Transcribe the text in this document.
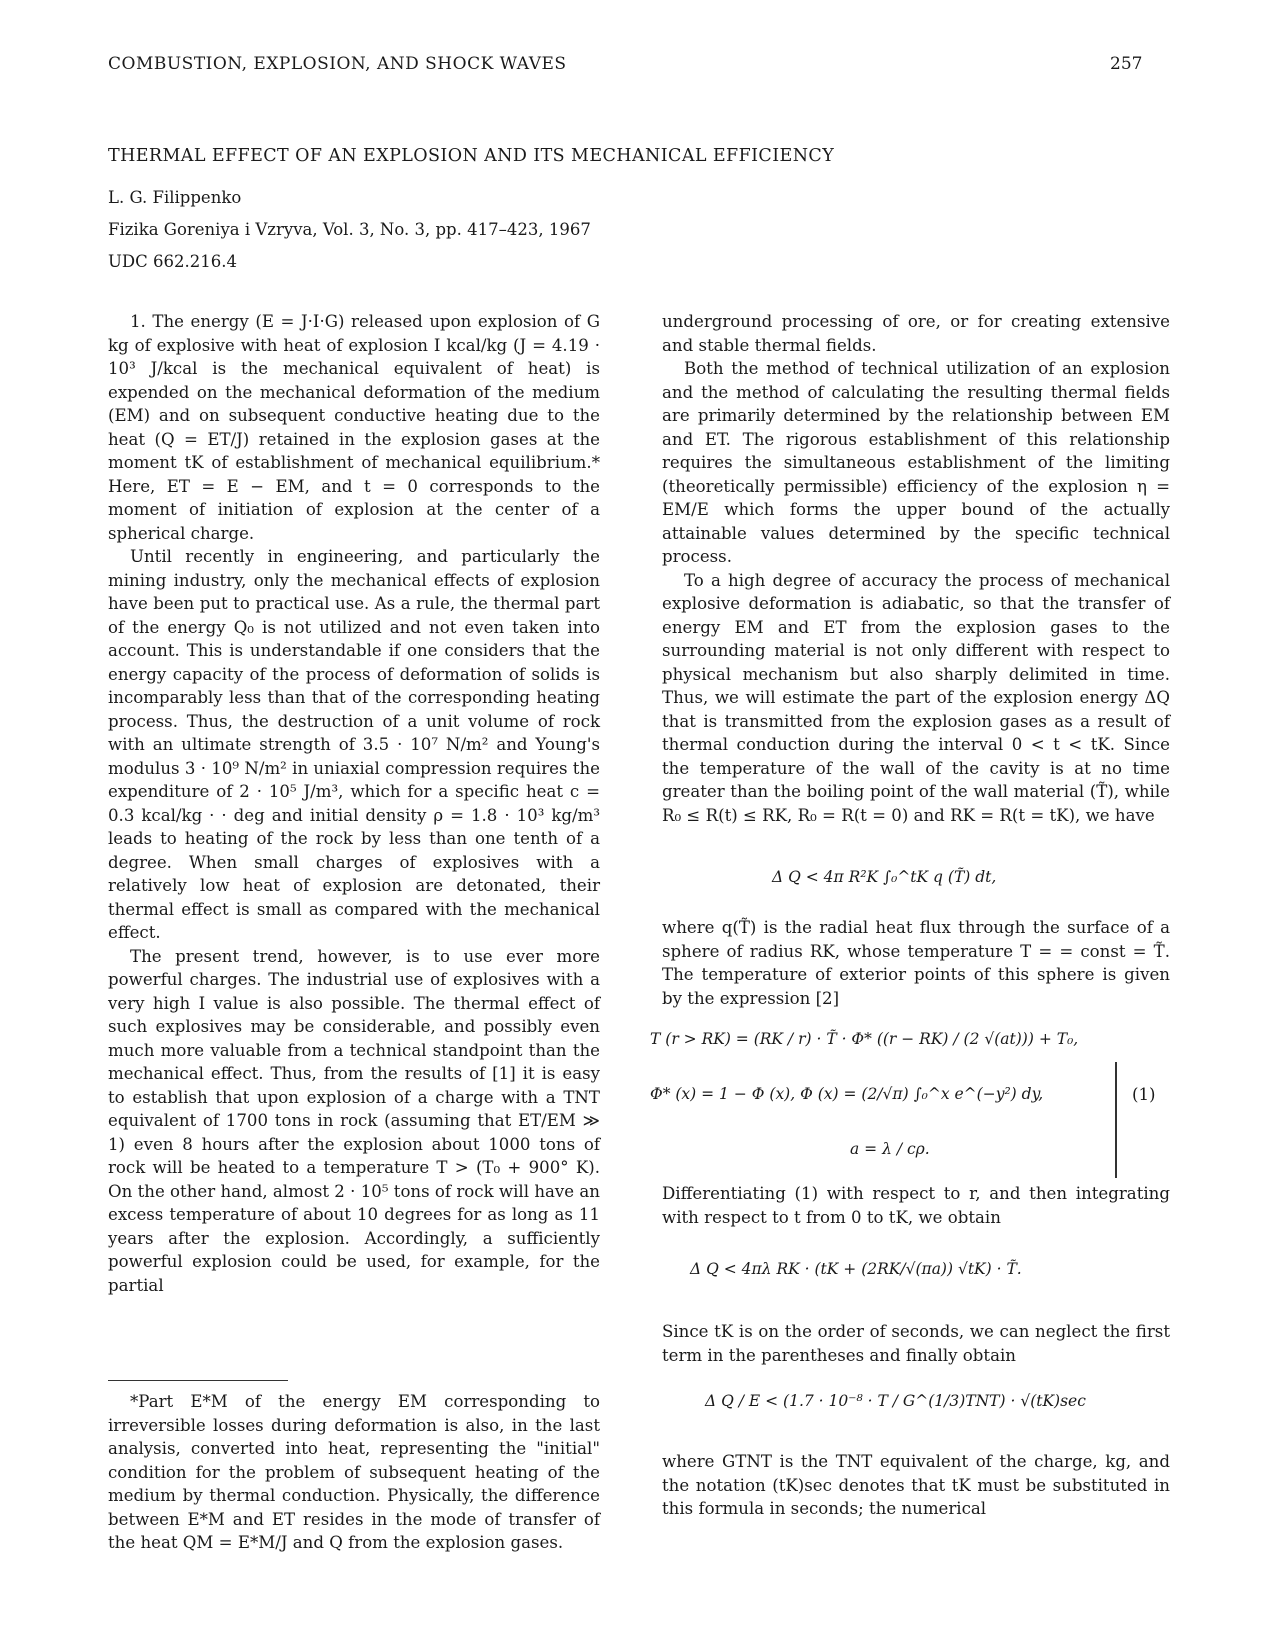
COMBUSTION, EXPLOSION, AND SHOCK WAVES	257
THERMAL EFFECT OF AN EXPLOSION AND ITS MECHANICAL EFFICIENCY
L. G. Filippenko
Fizika Goreniya i Vzryva, Vol. 3, No. 3, pp. 417–423, 1967
UDC 662.216.4

1. The energy (E = J·I·G) released upon explosion of G kg of explosive with heat of explosion I kcal/kg (J = 4.19 · 10³ J/kcal is the mechanical equivalent of heat) is expended on the mechanical deformation of the medium (EM) and on subsequent conductive heating due to the heat (Q = ET/J) retained in the explosion gases at the moment tK of establishment of mechanical equilibrium.* Here, ET = E − EM, and t = 0 corresponds to the moment of initiation of explosion at the center of a spherical charge.

Until recently in engineering, and particularly the mining industry, only the mechanical effects of explosion have been put to practical use. As a rule, the thermal part of the energy Q₀ is not utilized and not even taken into account. This is understandable if one considers that the energy capacity of the process of deformation of solids is incomparably less than that of the corresponding heating process. Thus, the destruction of a unit volume of rock with an ultimate strength of 3.5 · 10⁷ N/m² and Young's modulus 3 · 10⁹ N/m² in uniaxial compression requires the expenditure of 2 · 10⁵ J/m³, which for a specific heat c = 0.3 kcal/kg · · deg and initial density ρ = 1.8 · 10³ kg/m³ leads to heating of the rock by less than one tenth of a degree. When small charges of explosives with a relatively low heat of explosion are detonated, their thermal effect is small as compared with the mechanical effect.

The present trend, however, is to use ever more powerful charges. The industrial use of explosives with a very high I value is also possible. The thermal effect of such explosives may be considerable, and possibly even much more valuable from a technical standpoint than the mechanical effect. Thus, from the results of [1] it is easy to establish that upon explosion of a charge with a TNT equivalent of 1700 tons in rock (assuming that ET/EM ≫ 1) even 8 hours after the explosion about 1000 tons of rock will be heated to a temperature T > (T₀ + 900° K). On the other hand, almost 2 · 10⁵ tons of rock will have an excess temperature of about 10 degrees for as long as 11 years after the explosion. Accordingly, a sufficiently powerful explosion could be used, for example, for the partial

*Part E*M of the energy EM corresponding to irreversible losses during deformation is also, in the last analysis, converted into heat, representing the "initial" condition for the problem of subsequent heating of the medium by thermal conduction. Physically, the difference between E*M and ET resides in the mode of transfer of the heat QM = E*M/J and Q from the explosion gases.

underground processing of ore, or for creating extensive and stable thermal fields.

Both the method of technical utilization of an explosion and the method of calculating the resulting thermal fields are primarily determined by the relationship between EM and ET. The rigorous establishment of this relationship requires the simultaneous establishment of the limiting (theoretically permissible) efficiency of the explosion η = EM/E which forms the upper bound of the actually attainable values determined by the specific technical process.

To a high degree of accuracy the process of mechanical explosive deformation is adiabatic, so that the transfer of energy EM and ET from the explosion gases to the surrounding material is not only different with respect to physical mechanism but also sharply delimited in time. Thus, we will estimate the part of the explosion energy ΔQ that is transmitted from the explosion gases as a result of thermal conduction during the interval 0 < t < tK. Since the temperature of the wall of the cavity is at no time greater than the boiling point of the wall material (T̃), while R₀ ≤ R(t) ≤ RK, R₀ = R(t = 0) and RK = R(t = tK), we have

Δ Q < 4π R²K ∫₀^tK q (T̃) dt,

where q(T̃) is the radial heat flux through the surface of a sphere of radius RK, whose temperature T = = const = T̃. The temperature of exterior points of this sphere is given by the expression [2]

T (r > RK) = (RK / r) · T̃ · Φ* ((r − RK) / (2 √(at))) + T₀,
Φ* (x) = 1 − Φ (x), Φ (x) = (2/√π) ∫₀^x e^(−y²) dy,
a = λ / cρ.
(1)

Differentiating (1) with respect to r, and then integrating with respect to t from 0 to tK, we obtain

Δ Q < 4πλ RK · (tK + (2RK/√(πa)) √tK) · T̃.

Since tK is on the order of seconds, we can neglect the first term in the parentheses and finally obtain

Δ Q / E < (1.7 · 10⁻⁸ · T / G^(1/3)TNT) · √(tK)sec

where GTNT is the TNT equivalent of the charge, kg, and the notation (tK)sec denotes that tK must be substituted in this formula in seconds; the numerical
